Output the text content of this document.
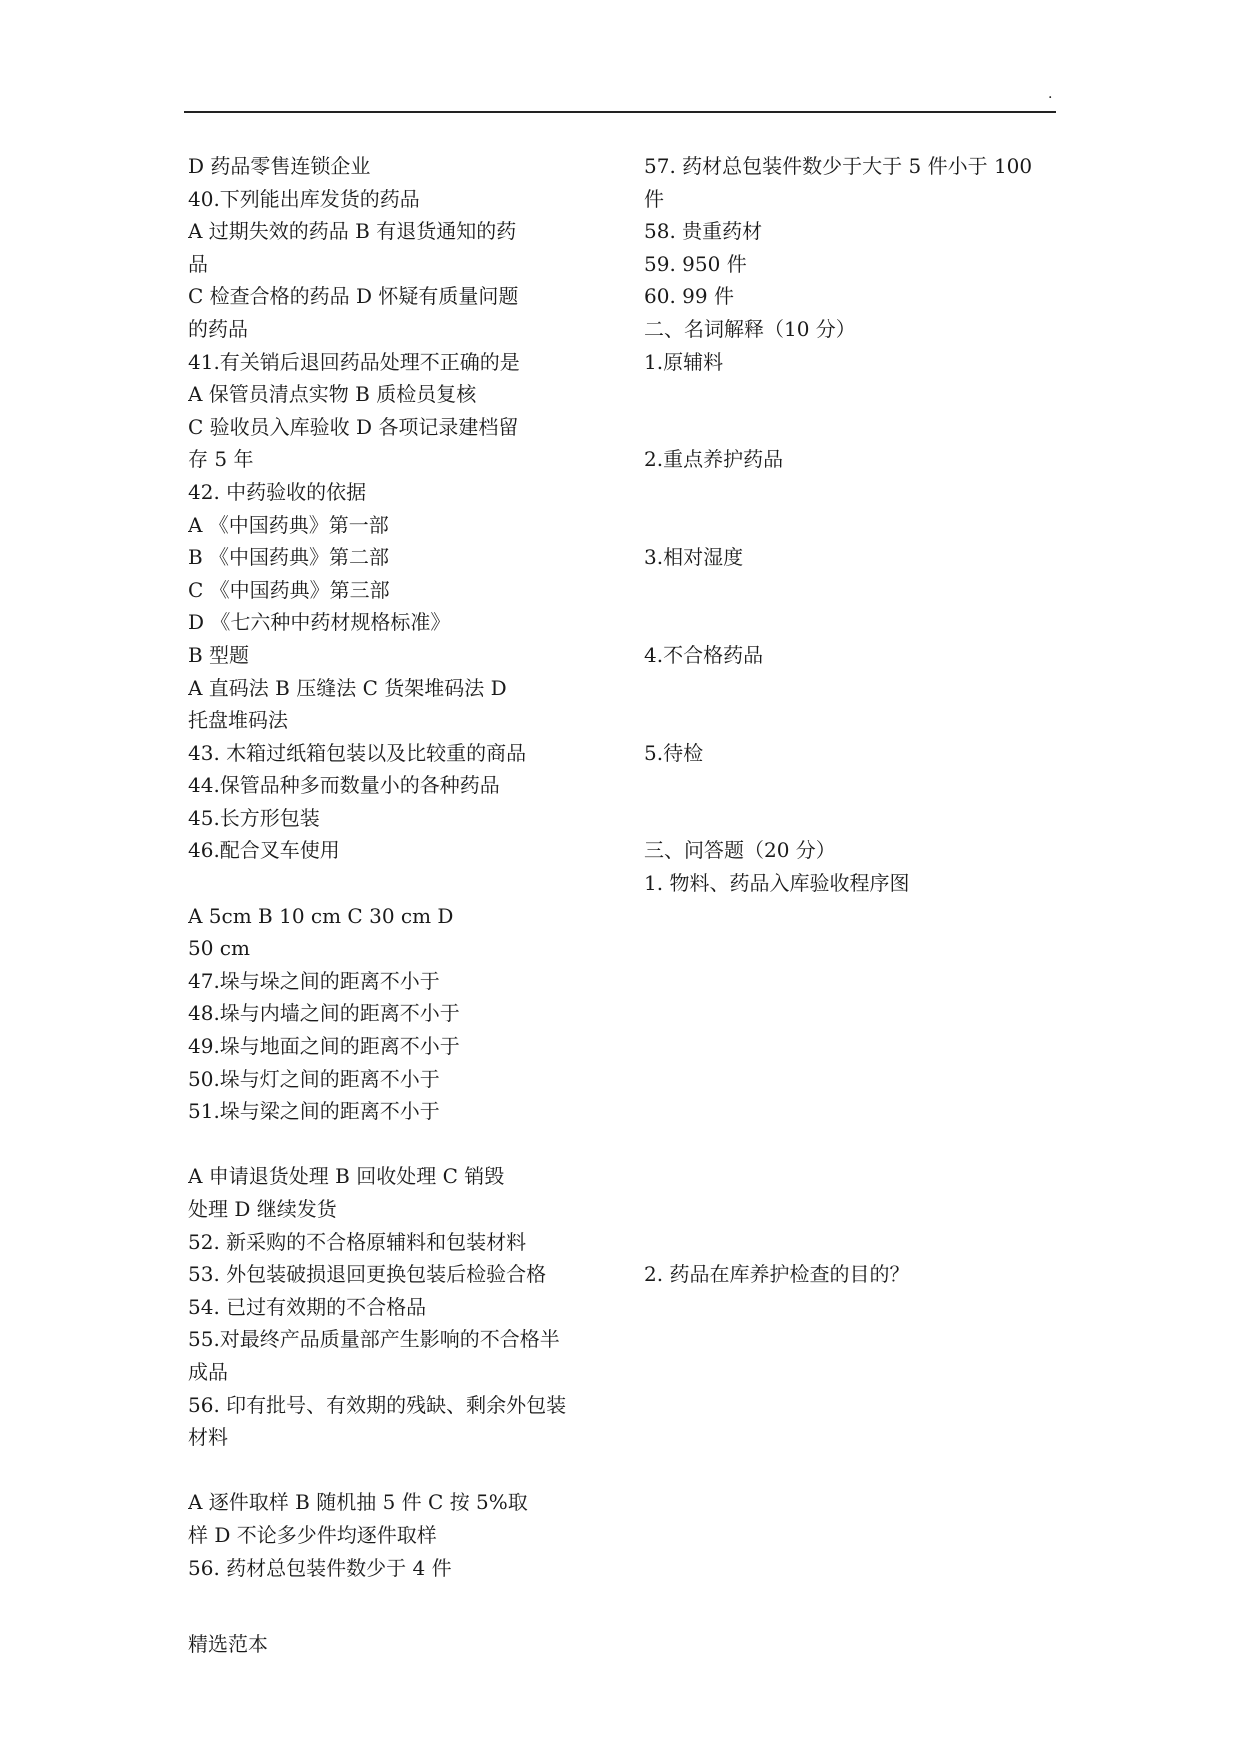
.
D 药品零售连锁企业
40.下列能出库发货的药品
A 过期失效的药品 B 有退货通知的药
品
C 检查合格的药品 D 怀疑有质量问题
的药品
41.有关销后退回药品处理不正确的是
A 保管员清点实物 B 质检员复核
C 验收员入库验收 D 各项记录建档留
存 5 年
42. 中药验收的依据
A 《中国药典》第一部
B 《中国药典》第二部
C 《中国药典》第三部
D 《七六种中药材规格标准》
B 型题
A 直码法 B 压缝法 C 货架堆码法 D
托盘堆码法
43. 木箱过纸箱包装以及比较重的商品
44.保管品种多而数量小的各种药品
45.长方形包装
46.配合叉车使用
A 5cm B 10 cm C 30 cm D
50 cm
47.垛与垛之间的距离不小于
48.垛与内墙之间的距离不小于
49.垛与地面之间的距离不小于
50.垛与灯之间的距离不小于
51.垛与梁之间的距离不小于
A 申请退货处理 B 回收处理 C 销毁
处理 D 继续发货
52. 新采购的不合格原辅料和包装材料
53. 外包装破损退回更换包装后检验合格
54. 已过有效期的不合格品
55.对最终产品质量部产生影响的不合格半
成品
56. 印有批号、有效期的残缺、剩余外包装
材料
A 逐件取样 B 随机抽 5 件 C 按 5%取
样 D 不论多少件均逐件取样
56. 药材总包装件数少于 4 件
57. 药材总包装件数少于大于 5 件小于 100
件
58. 贵重药材
59. 950 件
60. 99 件
二、名词解释（10 分）
1.原辅料
2.重点养护药品
3.相对湿度
4.不合格药品
5.待检
三、问答题（20 分）
1. 物料、药品入库验收程序图
2. 药品在库养护检查的目的？
精选范本
